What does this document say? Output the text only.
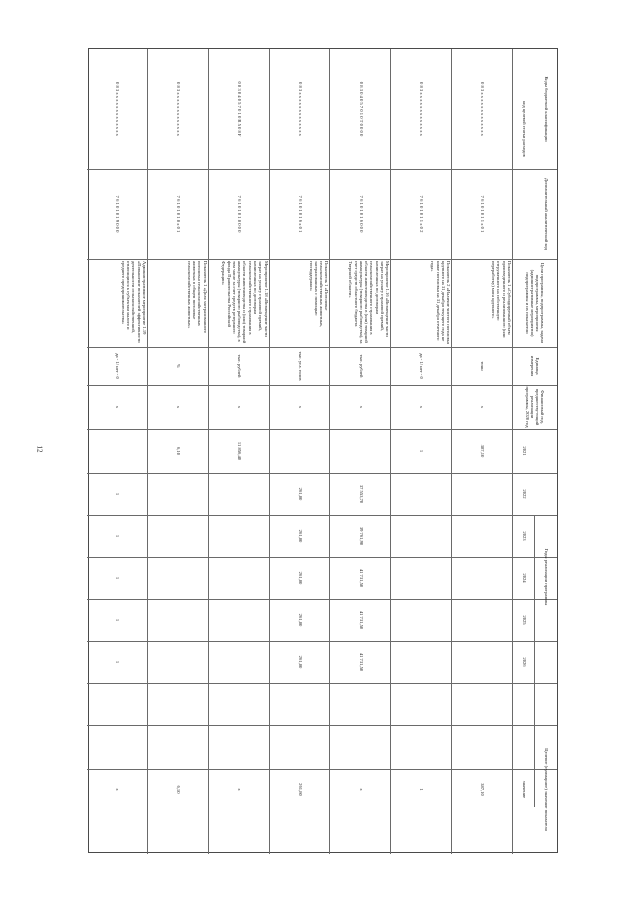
12
Коды бюджетной классификации
Дополнительный аналитический код
Цели программы, подпрограммы, задачи подпрограммы, мероприятия (административные мероприятия) подпрограммы и их показатели
Единица измерения
Финансовый год, предшеству-ющий реализации программы, 2020 год
Годы реализации программы
Целевое (суммарное) значение показателя
значение
код целевой статьи расходов
2021
2022
2023
2024
2025
2026
0 8 3 x x x x x x x x x x x x x
7 6 1 0 1 0 1 1 х 0 1
Показатель 1 «Субсидируемый объем произведенного и реализованного (или отгруженного на собственную переработку) мяса крупного»
тонн
х
387,10
387,10
0 8 3 x x x x x x x x x x x x x
7 6 1 0 1 0 1 1 х 0 2
Показатель 2 «Наличие чистого поголовья крупного на 31 декабря текущего года не ниже поголовья на 31 декабря отчетного года»
да - 1/ нет - 0
х
1
1
0 8 3 0 4 0 5 7 0 1 0 Т 0 0 0 0
7 6 1 0 1 0 1 6 0 0 0
Мероприятие 1.16 «Возмещение части затрат на уплату страховой премий, начисленных по договорам сельскохозяйственного страхования в области животноводства в (или) товарной аквакультуры (товарного рыбоводства), за счет средств областного бюджета Тверской области»
тыс. рублей
х
37 553,70
39 761,90
41 731,50
41 731,50
41 731,50
х
0 8 3 x x x x x x x x x x x x x
7 6 1 0 1 0 1 6 х 0 1
Показатель 1 «Поголовье сельскохозяйственных животных, застрахованных с помощью господдержки»
тыс. усл. голов
х
261,80
261,80
261,80
261,80
261,80
261,80
0 8 3 0 4 0 5 7 0 1 0 R 5 0 8 F
7 6 1 0 1 0 1 8 0 0 0
Мероприятие 1.18 «Возмещение части затрат на уплату страховой премий, начисленных по договорам сельскохозяйственного страхования в области животноводства и (или) товарной аквакультуры (товарного рыбоводства), в том числе за счет средств резервного фонда Правительства Российской Федерации»
тыс. рублей
х
11 856,40
х
0 8 3 x x x x x x x x x x x x x
7 6 1 0 1 0 1 8 х 0 1
Показатель 1 «Доля застрахованного поголовья сельскохозяйственных животных в общем поголовье сельскохозяйственных животных»
%
х
6,10
6,10
0 8 3 x x x x x x x x x x x x x
7 6 1 0 1 0 1 9 0 0 0
Административное мероприятие 1.19 «Повышение показателей эффективности деятельности сельскохозяйственной, относящихся к субъектам малого и среднего предпринимательства»
да - 1/ нет - 0
х
1
1
1
1
1
х
